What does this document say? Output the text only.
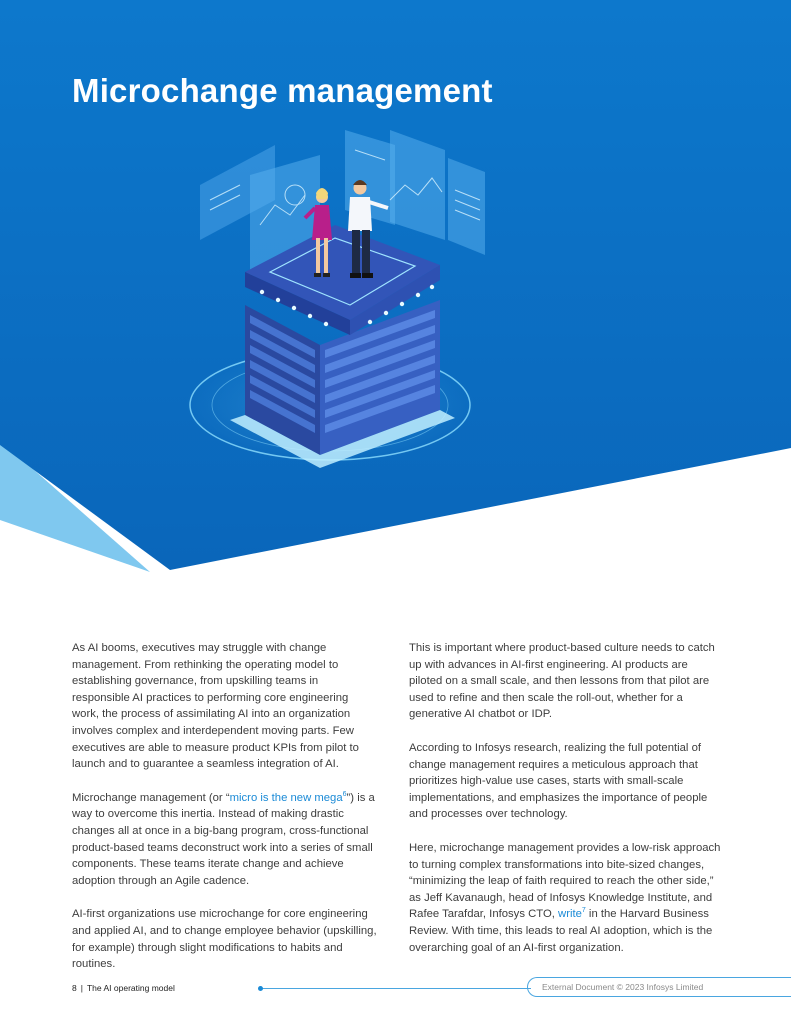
Microchange management

As AI booms, executives may struggle with change management. From rethinking the operating model to establishing governance, from upskilling teams in responsible AI practices to performing core engineering work, the process of assimilating AI into an organization involves complex and interdependent moving parts. Few executives are able to measure product KPIs from pilot to launch and to guarantee a seamless integration of AI.

Microchange management (or “micro is the new mega$^6$”) is a way to overcome this inertia. Instead of making drastic changes all at once in a big-bang program, cross-functional product-based teams deconstruct work into a series of small components. These teams iterate change and achieve adoption through an Agile cadence.

AI-first organizations use microchange for core engineering and applied AI, and to change employee behavior (upskilling, for example) through slight modifications to habits and routines.

This is important where product-based culture needs to catch up with advances in AI-first engineering. AI products are piloted on a small scale, and then lessons from that pilot are used to refine and then scale the roll-out, whether for a generative AI chatbot or IDP.

According to Infosys research, realizing the full potential of change management requires a meticulous approach that prioritizes high-value use cases, starts with small-scale implementations, and emphasizes the importance of people and processes over technology.

Here, microchange management provides a low-risk approach to turning complex transformations into bite-sized changes, “minimizing the leap of faith required to reach the other side,” as Jeff Kavanaugh, head of Infosys Knowledge Institute, and Rafee Tarafdar, Infosys CTO, write$^7$ in the Harvard Business Review. With time, this leads to real AI adoption, which is the overarching goal of an AI-first organization.

8 | The AI operating model	External Document © 2023 Infosys Limited
